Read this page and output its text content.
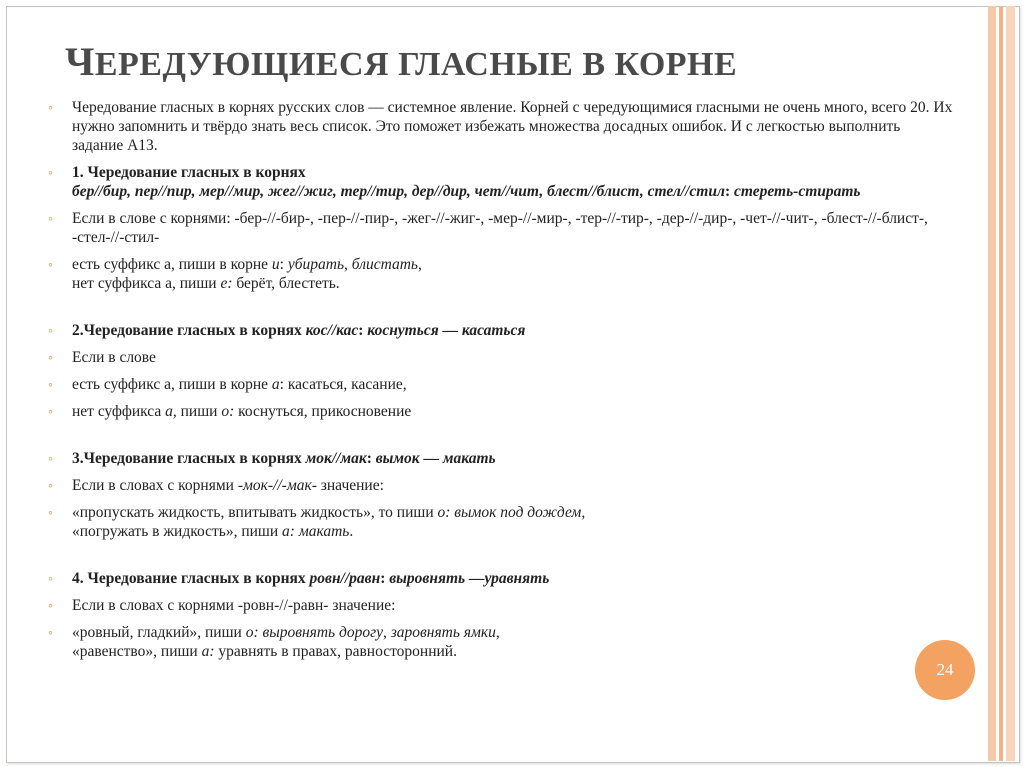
ЧЕРЕДУЮЩИЕСЯ ГЛАСНЫЕ В КОРНЕ
◦ Чередование гласных в корнях русских слов — системное явление. Корней с чередующимися гласными не очень много, всего 20. Их нужно запомнить и твёрдо знать весь список. Это поможет избежать множества досадных ошибок. И с легкостью выполнить задание А13.
◦ 1. Чередование гласных в корнях
бер//бир, пер//пир, мер//мир, жег//жиг, тер//тир, дер//дир, чет//чит, блест//блист, стел//стил: стереть-стирать
◦ Если в слове с корнями: -бер-//-бир-, -пер-//-пир-, -жег-//-жиг-, -мер-//-мир-, -тер-//-тир-, -дер-//-дир-, -чет-//-чит-, -блест-//-блист-, -стел-//-стил-
◦ есть суффикс а, пиши в корне и: убирать, блистать,
нет суффикса а, пиши е: берёт, блестеть.
◦ 2.Чередование гласных в корнях кос//кас: коснуться — касаться
◦ Если в слове
◦ есть суффикс а, пиши в корне а: касаться, касание,
◦ нет суффикса а, пиши о: коснуться, прикосновение
◦ 3.Чередование гласных в корнях мок//мак: вымок — макать
◦ Если в словах с корнями -мок-//-мак- значение:
◦ «пропускать жидкость, впитывать жидкость», то пиши о: вымок под дождем,
«погружать в жидкость», пиши а: макать.
◦ 4. Чередование гласных в корнях ровн//равн: выровнять —уравнять
◦ Если в словах с корнями -ровн-//-равн- значение:
◦ «ровный, гладкий», пиши о: выровнять дорогу, заровнять ямки,
«равенство», пиши а: уравнять в правах, равносторонний.
24
